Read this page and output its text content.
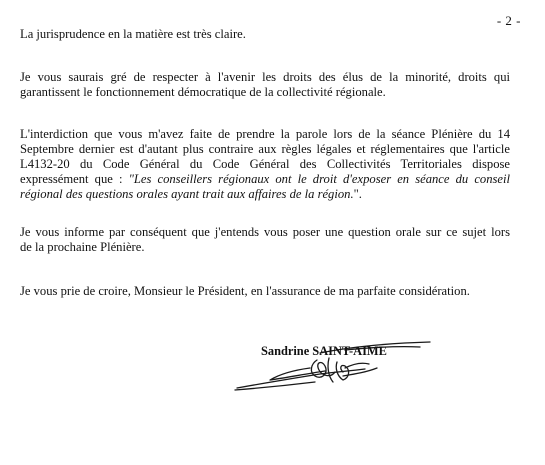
- 2 -
La jurisprudence en la matière est très claire.
Je vous saurais gré de respecter à l'avenir les droits des élus de la minorité, droits qui
garantissent le fonctionnement démocratique de la collectivité régionale.
L'interdiction que vous m'avez faite de prendre la parole lors de la séance Plénière du 14
Septembre dernier est d'autant plus contraire aux règles légales et réglementaires que l'article
L4132-20 du Code Général du Code Général des Collectivités Territoriales dispose
expressément que : "Les conseillers régionaux ont le droit d'exposer en séance du conseil
régional des questions orales ayant trait aux affaires de la région.".
Je vous informe par conséquent que j'entends vous poser une question orale sur ce sujet lors
de la prochaine Plénière.
Je vous prie de croire, Monsieur le Président, en l'assurance de ma parfaite considération.
Sandrine SAINT-AIME
